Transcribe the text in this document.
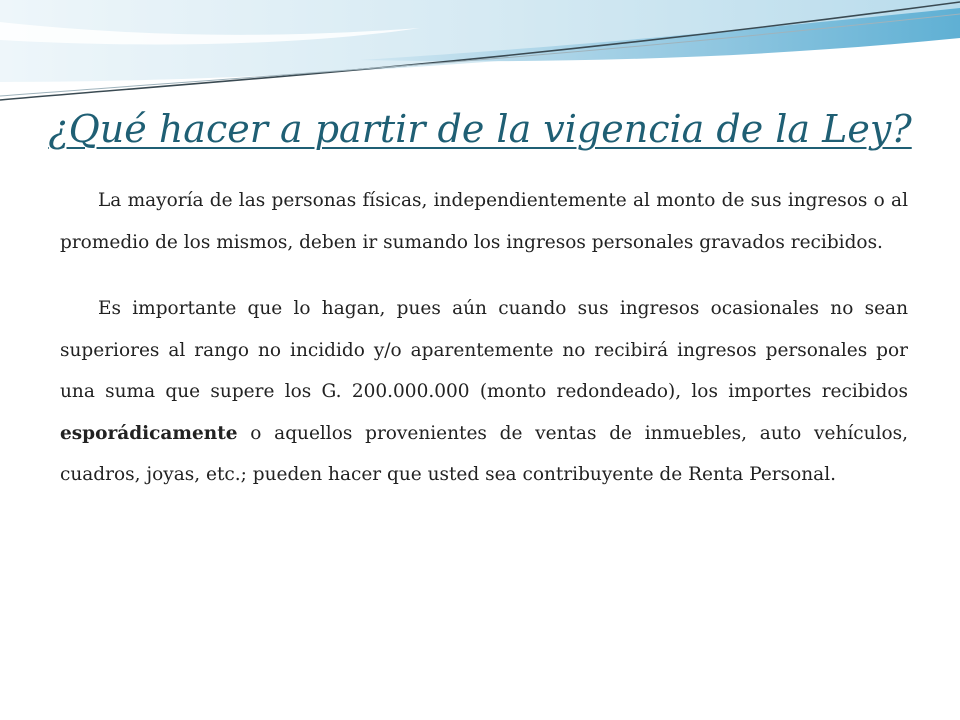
¿Qué hacer a partir de la vigencia de la Ley?

La mayoría de las personas físicas, independientemente al monto de sus ingresos o al promedio de los mismos, deben ir sumando los ingresos personales gravados recibidos.

Es importante que lo hagan, pues aún cuando sus ingresos ocasionales no sean superiores al rango no incidido y/o aparentemente no recibirá ingresos personales por una suma que supere los G. 200.000.000 (monto redondeado), los importes recibidos esporádicamente o aquellos provenientes de ventas de inmuebles, auto vehículos, cuadros, joyas, etc.; pueden hacer que usted sea contribuyente de Renta Personal.
